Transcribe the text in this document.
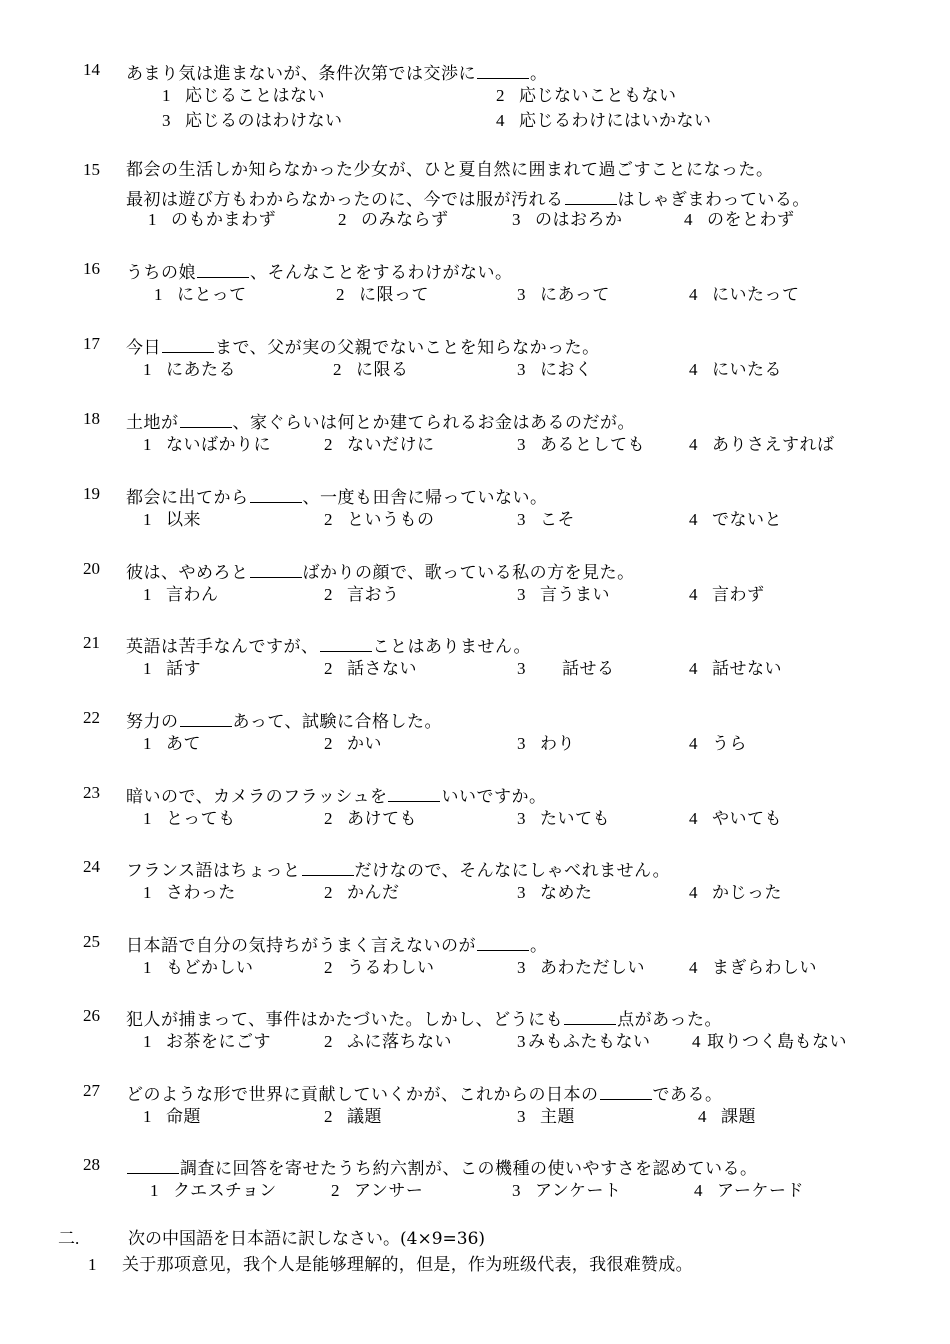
14 あまり気は進まないが、条件次第では交渉に	。
1 応じることはない	2 応じないこともない
3 応じるのはわけない	4 応じるわけにはいかない
15 都会の生活しか知らなかった少女が、ひと夏自然に囲まれて過ごすことになった。
最初は遊び方もわからなかったのに、今では服が汚れる	はしゃぎまわっている。
1 のもかまわず	2 のみならず	3 のはおろか	4 のをとわず
16 うちの娘	、そんなことをするわけがない。
1 にとって	2 に限って	3 にあって	4 にいたって
17 今日	まで、父が実の父親でないことを知らなかった。
1 にあたる	2 に限る	3 におく	4 にいたる
18 土地が	、家ぐらいは何とか建てられるお金はあるのだが。
1 ないばかりに	2 ないだけに	3 あるとしても	4 ありさえすれば
19 都会に出てから	、一度も田舎に帰っていない。
1 以来	2 というもの	3 こそ	4 でないと
20 彼は、やめろと	ばかりの顔で、歌っている私の方を見た。
1 言わん	2 言おう	3 言うまい	4 言わず
21 英語は苦手なんですが、	ことはありません。
1 話す	2 話さない	3 話せる	4 話せない
22 努力の	あって、試験に合格した。
1 あて	2 かい	3 わり	4 うら
23 暗いので、カメラのフラッシュを	いいですか。
1 とっても	2 あけても	3 たいても	4 やいても
24 フランス語はちょっと	だけなので、そんなにしゃべれません。
1 さわった	2 かんだ	3 なめた	4 かじった
25 日本語で自分の気持ちがうまく言えないのが	。
1 もどかしい	2 うるわしい	3 あわただしい	4 まぎらわしい
26 犯人が捕まって、事件はかたづいた。しかし、どうにも	点があった。
1 お茶をにごす	2 ふに落ちない	3 みもふたもない 4 取りつく島もない
27 どのような形で世界に貢献していくかが、これからの日本の	である。
1 命題	2 議題	3 主題	4 課題
28	調査に回答を寄せたうち約六割が、この機種の使いやすさを認めている。
1 クエスチョン	2 アンサー	3 アンケート	4 アーケード
二.	次の中国語を日本語に訳しなさい。(4×9=36)
1 关于那项意见，我个人是能够理解的，但是，作为班级代表，我很难赞成。
